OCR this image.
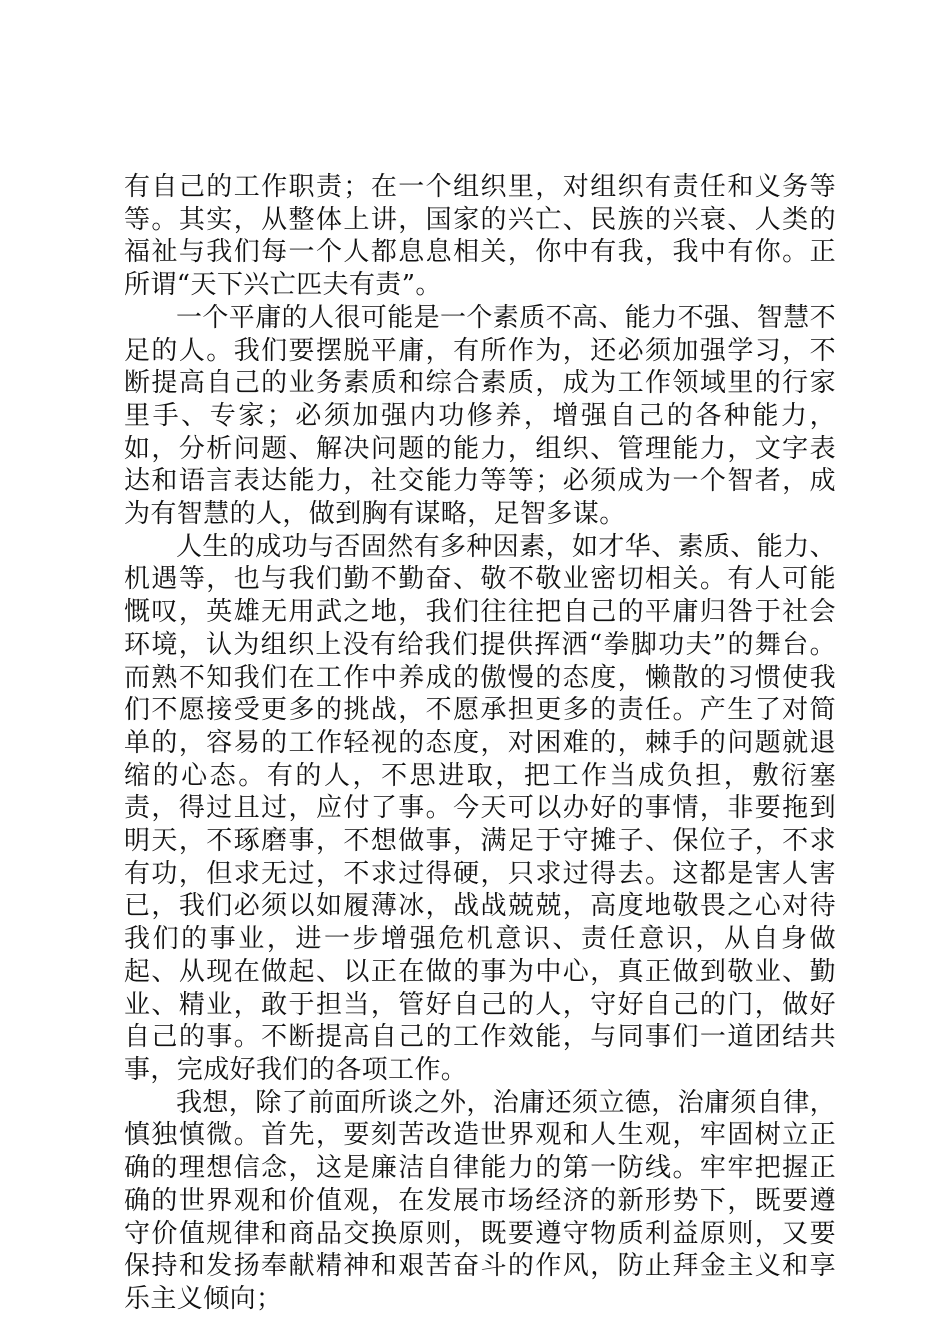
有自己的工作职责；在一个组织里，对组织有责任和义务等等。其实，从整体上讲，国家的兴亡、民族的兴衰、人类的福祉与我们每一个人都息息相关，你中有我，我中有你。正所谓“天下兴亡匹夫有责”。

一个平庸的人很可能是一个素质不高、能力不强、智慧不足的人。我们要摆脱平庸，有所作为，还必须加强学习，不断提高自己的业务素质和综合素质，成为工作领域里的行家里手、专家；必须加强内功修养，增强自己的各种能力，如，分析问题、解决问题的能力，组织、管理能力，文字表达和语言表达能力，社交能力等等；必须成为一个智者，成为有智慧的人，做到胸有谋略，足智多谋。

人生的成功与否固然有多种因素，如才华、素质、能力、机遇等，也与我们勤不勤奋、敬不敬业密切相关。有人可能慨叹，英雄无用武之地，我们往往把自己的平庸归咎于社会环境，认为组织上没有给我们提供挥洒“拳脚功夫”的舞台。而熟不知我们在工作中养成的傲慢的态度，懒散的习惯使我们不愿接受更多的挑战，不愿承担更多的责任。产生了对简单的，容易的工作轻视的态度，对困难的，棘手的问题就退缩的心态。有的人，不思进取，把工作当成负担，敷衍塞责，得过且过，应付了事。今天可以办好的事情，非要拖到明天，不琢磨事，不想做事，满足于守摊子、保位子，不求有功，但求无过，不求过得硬，只求过得去。这都是害人害已，我们必须以如履薄冰，战战兢兢，高度地敬畏之心对待我们的事业，进一步增强危机意识、责任意识，从自身做起、从现在做起、以正在做的事为中心，真正做到敬业、勤业、精业，敢于担当，管好自己的人，守好自己的门，做好自己的事。不断提高自己的工作效能，与同事们一道团结共事，完成好我们的各项工作。

我想，除了前面所谈之外，治庸还须立德，治庸须自律，慎独慎微。首先，要刻苦改造世界观和人生观，牢固树立正确的理想信念，这是廉洁自律能力的第一防线。牢牢把握正确的世界观和价值观，在发展市场经济的新形势下，既要遵守价值规律和商品交换原则，既要遵守物质利益原则，又要保持和发扬奉献精神和艰苦奋斗的作风，防止拜金主义和享乐主义倾向；
